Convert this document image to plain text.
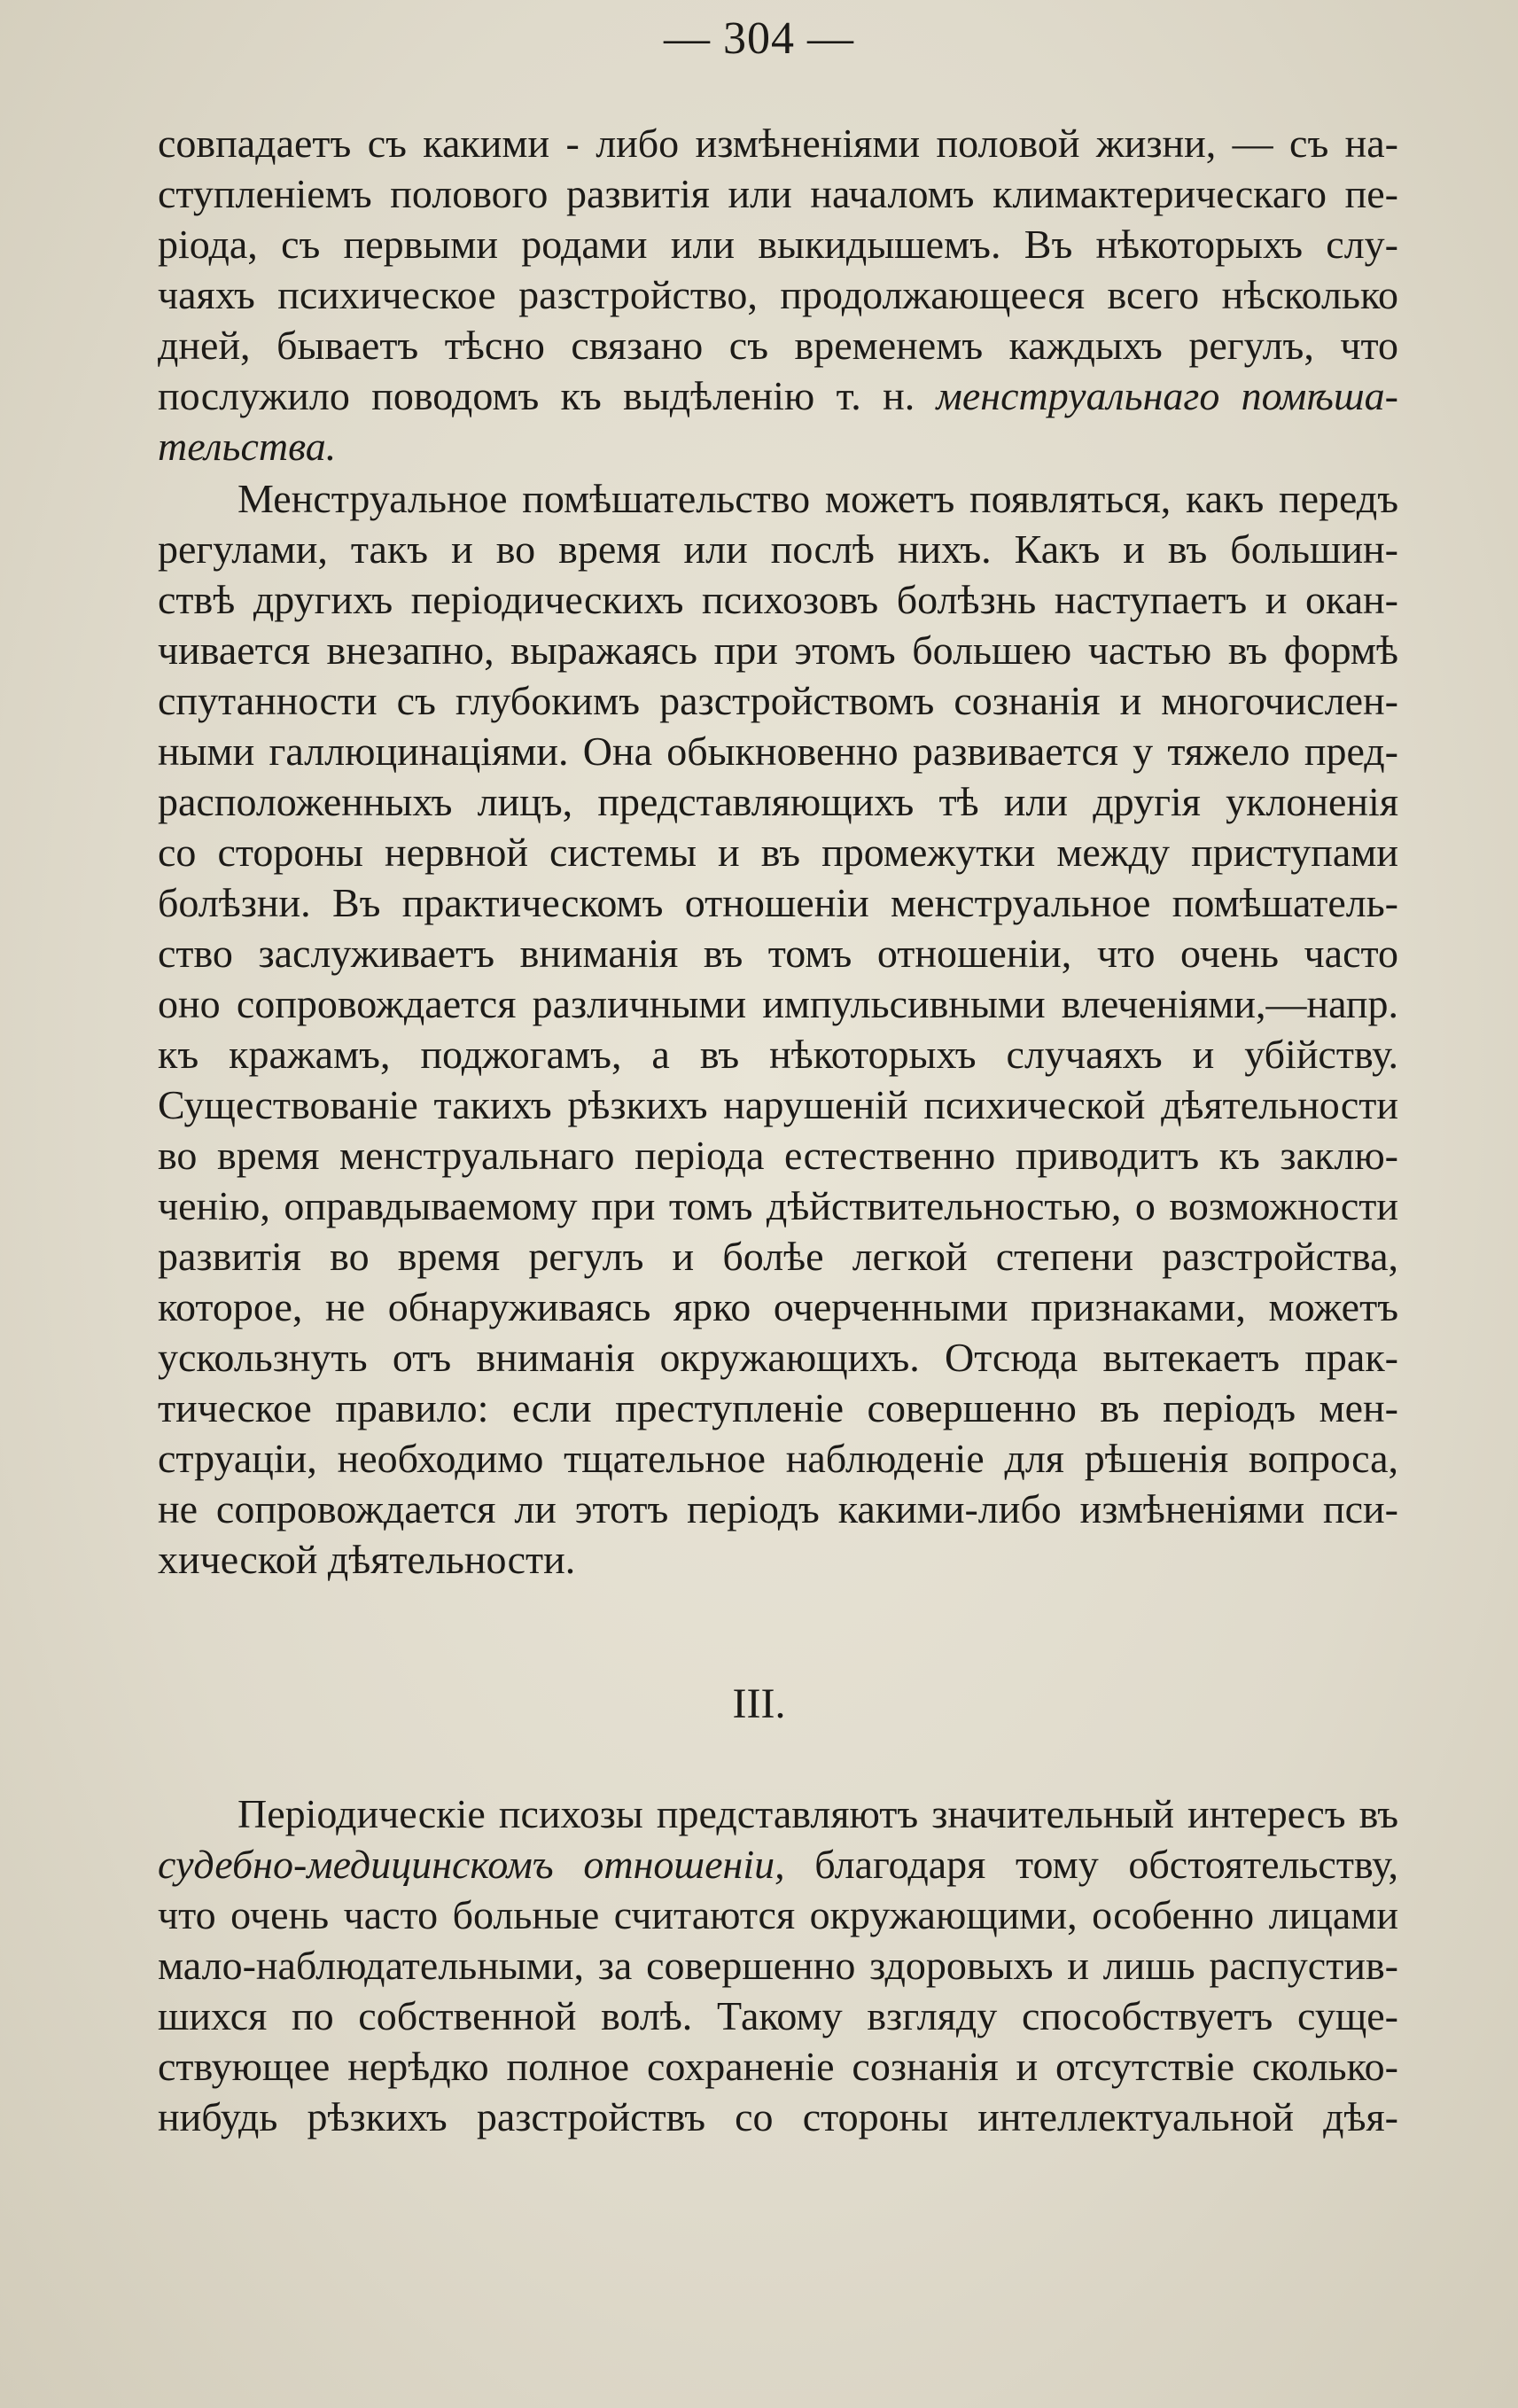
— 304 —
совпадаетъ съ какими - либо измѣненіями половой жизни, — съ на-
ступленіемъ полового развитія или началомъ климактерическаго пе-
ріода, съ первыми родами или выкидышемъ. Въ нѣкоторыхъ слу-
чаяхъ психическое разстройство, продолжающееся всего нѣсколько
дней, бываетъ тѣсно связано съ временемъ каждыхъ регулъ, что
послужило поводомъ къ выдѣленію т. н. менструальнаго помѣша-
тельства.
Менструальное помѣшательство можетъ появляться, какъ передъ
регулами, такъ и во время или послѣ нихъ. Какъ и въ большин-
ствѣ другихъ періодическихъ психозовъ болѣзнь наступаетъ и окан-
чивается внезапно, выражаясь при этомъ большею частью въ формѣ
спутанности съ глубокимъ разстройствомъ сознанія и многочислен-
ными галлюцинаціями. Она обыкновенно развивается у тяжело пред-
расположенныхъ лицъ, представляющихъ тѣ или другія уклоненія
со стороны нервной системы и въ промежутки между приступами
болѣзни. Въ практическомъ отношеніи менструальное помѣшатель-
ство заслуживаетъ вниманія въ томъ отношеніи, что очень часто
оно сопровождается различными импульсивными влеченіями,—напр.
къ кражамъ, поджогамъ, а въ нѣкоторыхъ случаяхъ и убійству.
Существованіе такихъ рѣзкихъ нарушеній психической дѣятельности
во время менструальнаго періода естественно приводитъ къ заклю-
ченію, оправдываемому при томъ дѣйствительностью, о возможности
развитія во время регулъ и болѣе легкой степени разстройства,
которое, не обнаруживаясь ярко очерченными признаками, можетъ
ускользнуть отъ вниманія окружающихъ. Отсюда вытекаетъ прак-
тическое правило: если преступленіе совершенно въ періодъ мен-
струаціи, необходимо тщательное наблюденіе для рѣшенія вопроса,
не сопровождается ли этотъ періодъ какими-либо измѣненіями пси-
хической дѣятельности.
III.
Періодическіе психозы представляютъ значительный интересъ въ
судебно-медицинскомъ отношеніи, благодаря тому обстоятельству,
что очень часто больные считаются окружающими, особенно лицами
мало-наблюдательными, за совершенно здоровыхъ и лишь распустив-
шихся по собственной волѣ. Такому взгляду способствуетъ суще-
ствующее нерѣдко полное сохраненіе сознанія и отсутствіе сколько-
нибудь рѣзкихъ разстройствъ со стороны интеллектуальной дѣя-
